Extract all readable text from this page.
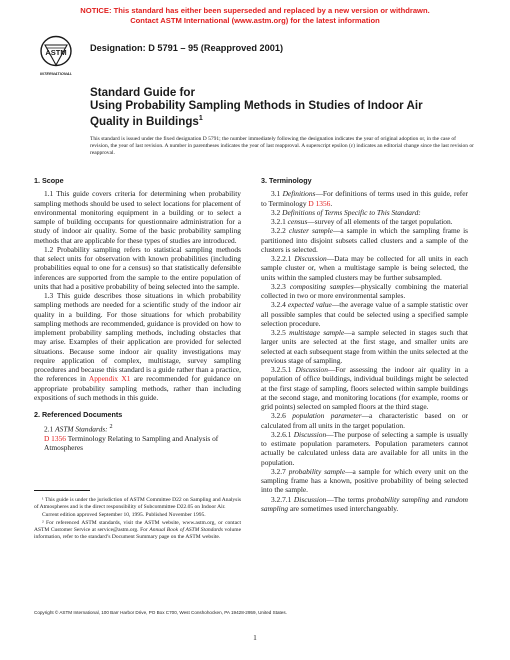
NOTICE: This standard has either been superseded and replaced by a new version or withdrawn.
Contact ASTM International (www.astm.org) for the latest information
ASTM
INTERNATIONAL
Designation: D 5791 – 95 (Reapproved 2001)
Standard Guide for
Using Probability Sampling Methods in Studies of Indoor Air
Quality in Buildings$^1$
This standard is issued under the fixed designation D 5791; the number immediately following the designation indicates the year of original adoption or, in the case of revision, the year of last revision. A number in parentheses indicates the year of last reapproval. A superscript epsilon (ε) indicates an editorial change since the last revision or reapproval.
1. Scope

1.1 This guide covers criteria for determining when probability sampling methods should be used to select locations for placement of environmental monitoring equipment in a building or to select a sample of building occupants for questionnaire administration for a study of indoor air quality. Some of the basic probability sampling methods that are applicable for these types of studies are introduced.

1.2 Probability sampling refers to statistical sampling methods that select units for observation with known probabilities (including probabilities equal to one for a census) so that statistically defensible inferences are supported from the sample to the entire population of units that had a positive probability of being selected into the sample.

1.3 This guide describes those situations in which probability sampling methods are needed for a scientific study of the indoor air quality in a building. For those situations for which probability sampling methods are recommended, guidance is provided on how to implement probability sampling methods, including obstacles that may arise. Examples of their application are provided for selected situations. Because some indoor air quality investigations may require application of complex, multistage, survey sampling procedures and because this standard is a guide rather than a practice, the references in Appendix X1 are recommended for guidance on appropriate probability sampling methods, rather than including expositions of such methods in this guide.

2. Referenced Documents

2.1 ASTM Standards: $^2$

D 1356 Terminology Relating to Sampling and Analysis of Atmospheres

¹ This guide is under the jurisdiction of ASTM Committee D22 on Sampling and Analysis of Atmospheres and is the direct responsibility of Subcommittee D22.05 on Indoor Air.

Current edition approved September 10, 1995. Published November 1995.

² For referenced ASTM standards, visit the ASTM website, www.astm.org, or contact ASTM Customer Service at service@astm.org. For Annual Book of ASTM Standards volume information, refer to the standard’s Document Summary page on the ASTM website.

3. Terminology

3.1 Definitions—For definitions of terms used in this guide, refer to Terminology D 1356.

3.2 Definitions of Terms Specific to This Standard:

3.2.1 census—survey of all elements of the target population.

3.2.2 cluster sample—a sample in which the sampling frame is partitioned into disjoint subsets called clusters and a sample of the clusters is selected.

3.2.2.1 Discussion—Data may be collected for all units in each sample cluster or, when a multistage sample is being selected, the units within the sampled clusters may be further subsampled.

3.2.3 compositing samples—physically combining the material collected in two or more environmental samples.

3.2.4 expected value—the average value of a sample statistic over all possible samples that could be selected using a specified sample selection procedure.

3.2.5 multistage sample—a sample selected in stages such that larger units are selected at the first stage, and smaller units are selected at each subsequent stage from within the units selected at the previous stage of sampling.

3.2.5.1 Discussion—For assessing the indoor air quality in a population of office buildings, individual buildings might be selected at the first stage of sampling, floors selected within sample buildings at the second stage, and monitoring locations (for example, rooms or grid points) selected on sampled floors at the third stage.

3.2.6 population parameter—a characteristic based on or calculated from all units in the target population.

3.2.6.1 Discussion—The purpose of selecting a sample is usually to estimate population parameters. Population parameters cannot actually be calculated unless data are available for all units in the population.

3.2.7 probability sample—a sample for which every unit on the sampling frame has a known, positive probability of being selected into the sample.

3.2.7.1 Discussion—The terms probability sampling and random sampling are sometimes used interchangeably.

Copyright © ASTM International, 100 Barr Harbor Drive, PO Box C700, West Conshohocken, PA 19428-2959, United States.
1
